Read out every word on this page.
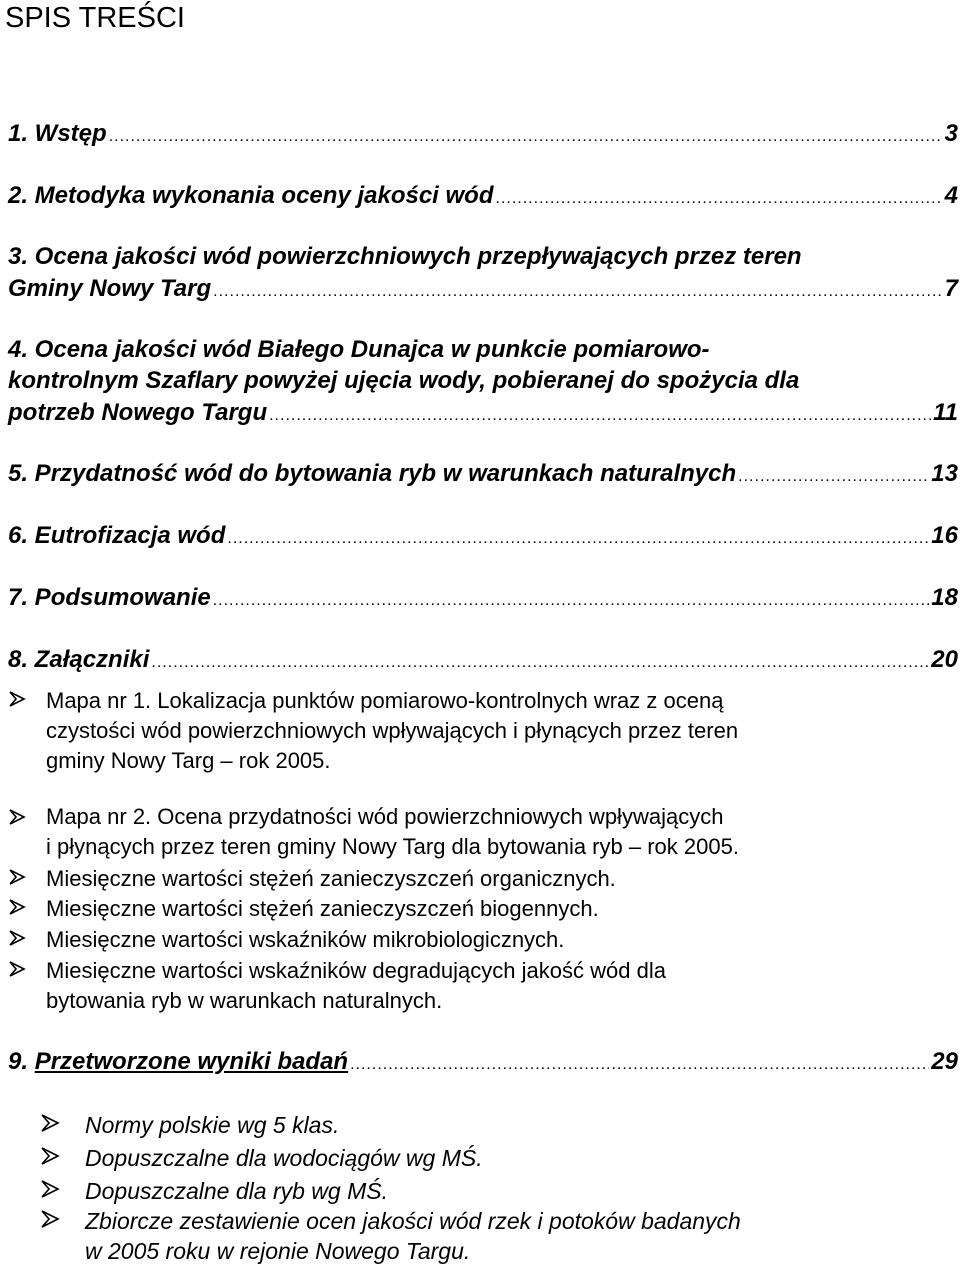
SPIS TREŚCI
1. Wstęp .....	3
2. Metodyka wykonania oceny jakości wód .....	4
3. Ocena jakości wód powierzchniowych przepływających przez teren
Gminy Nowy Targ .....	7
4. Ocena jakości wód Białego Dunajca w punkcie pomiarowo-
kontrolnym Szaflary powyżej ujęcia wody, pobieranej do spożycia dla
potrzeb Nowego Targu .....	11
5. Przydatność wód do bytowania ryb w warunkach naturalnych .....	13
6. Eutrofizacja wód .....	16
7. Podsumowanie .....	18
8. Załączniki .....	20
Mapa nr 1. Lokalizacja punktów pomiarowo-kontrolnych wraz z oceną
czystości wód powierzchniowych wpływających i płynących przez teren
gminy Nowy Targ – rok 2005.
Mapa nr 2. Ocena przydatności wód powierzchniowych wpływających
i płynących przez teren gminy Nowy Targ dla bytowania ryb – rok 2005.
Miesięczne wartości stężeń zanieczyszczeń organicznych.
Miesięczne wartości stężeń zanieczyszczeń biogennych.
Miesięczne wartości wskaźników mikrobiologicznych.
Miesięczne wartości wskaźników degradujących jakość wód dla
bytowania ryb w warunkach naturalnych.
9. Przetworzone wyniki badań .....	29
Normy polskie wg 5 klas.
Dopuszczalne dla wodociągów wg MŚ.
Dopuszczalne dla ryb wg MŚ.
Zbiorcze zestawienie ocen jakości wód rzek i potoków badanych
w 2005 roku w rejonie Nowego Targu.
